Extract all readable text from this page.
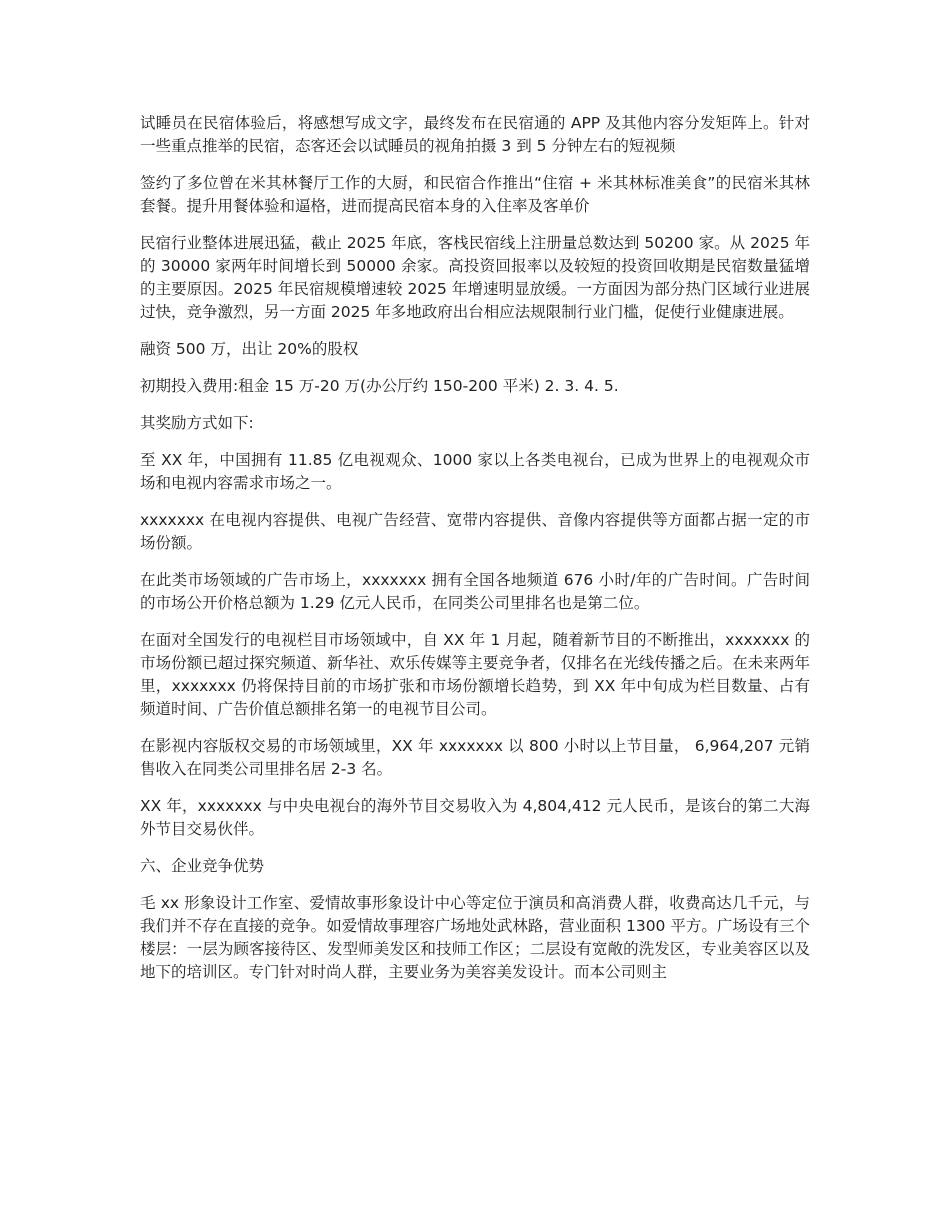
试睡员在民宿体验后，将感想写成文字，最终发布在民宿通的 APP 及其他内容分发矩阵上。针对一些重点推举的民宿，态客还会以试睡员的视角拍摄 3 到 5 分钟左右的短视频

签约了多位曾在米其林餐厅工作的大厨，和民宿合作推出“住宿 + 米其林标准美食”的民宿米其林套餐。提升用餐体验和逼格，进而提高民宿本身的入住率及客单价

民宿行业整体进展迅猛，截止 2025 年底，客栈民宿线上注册量总数达到 50200 家。从 2025 年的 30000 家两年时间增长到 50000 余家。高投资回报率以及较短的投资回收期是民宿数量猛增的主要原因。2025 年民宿规模增速较 2025 年增速明显放缓。一方面因为部分热门区域行业进展过快，竞争激烈，另一方面 2025 年多地政府出台相应法规限制行业门槛，促使行业健康进展。

融资 500 万，出让 20%的股权

初期投入费用:租金 15 万-20 万(办公厅约 150-200 平米) 2. 3. 4. 5.

其奖励方式如下:

至 XX 年，中国拥有 11.85 亿电视观众、1000 家以上各类电视台，已成为世界上的电视观众市场和电视内容需求市场之一。

xxxxxxx 在电视内容提供、电视广告经营、宽带内容提供、音像内容提供等方面都占据一定的市场份额。

在此类市场领域的广告市场上，xxxxxxx 拥有全国各地频道 676 小时/年的广告时间。广告时间的市场公开价格总额为 1.29 亿元人民币，在同类公司里排名也是第二位。

在面对全国发行的电视栏目市场领域中，自 XX 年 1 月起，随着新节目的不断推出，xxxxxxx 的市场份额已超过探究频道、新华社、欢乐传媒等主要竞争者，仅排名在光线传播之后。在未来两年里，xxxxxxx 仍将保持目前的市场扩张和市场份额增长趋势，到 XX 年中旬成为栏目数量、占有频道时间、广告价值总额排名第一的电视节目公司。

在影视内容版权交易的市场领域里，XX 年 xxxxxxx 以 800 小时以上节目量， 6,964,207 元销售收入在同类公司里排名居 2-3 名。

XX 年，xxxxxxx 与中央电视台的海外节目交易收入为 4,804,412 元人民币，是该台的第二大海外节目交易伙伴。

六、企业竞争优势

毛 xx 形象设计工作室、爱情故事形象设计中心等定位于演员和高消费人群，收费高达几千元，与我们并不存在直接的竞争。如爱情故事理容广场地处武林路，营业面积 1300 平方。广场设有三个楼层：一层为顾客接待区、发型师美发区和技师工作区；二层设有宽敞的洗发区，专业美容区以及地下的培训区。专门针对时尚人群，主要业务为美容美发设计。而本公司则主
